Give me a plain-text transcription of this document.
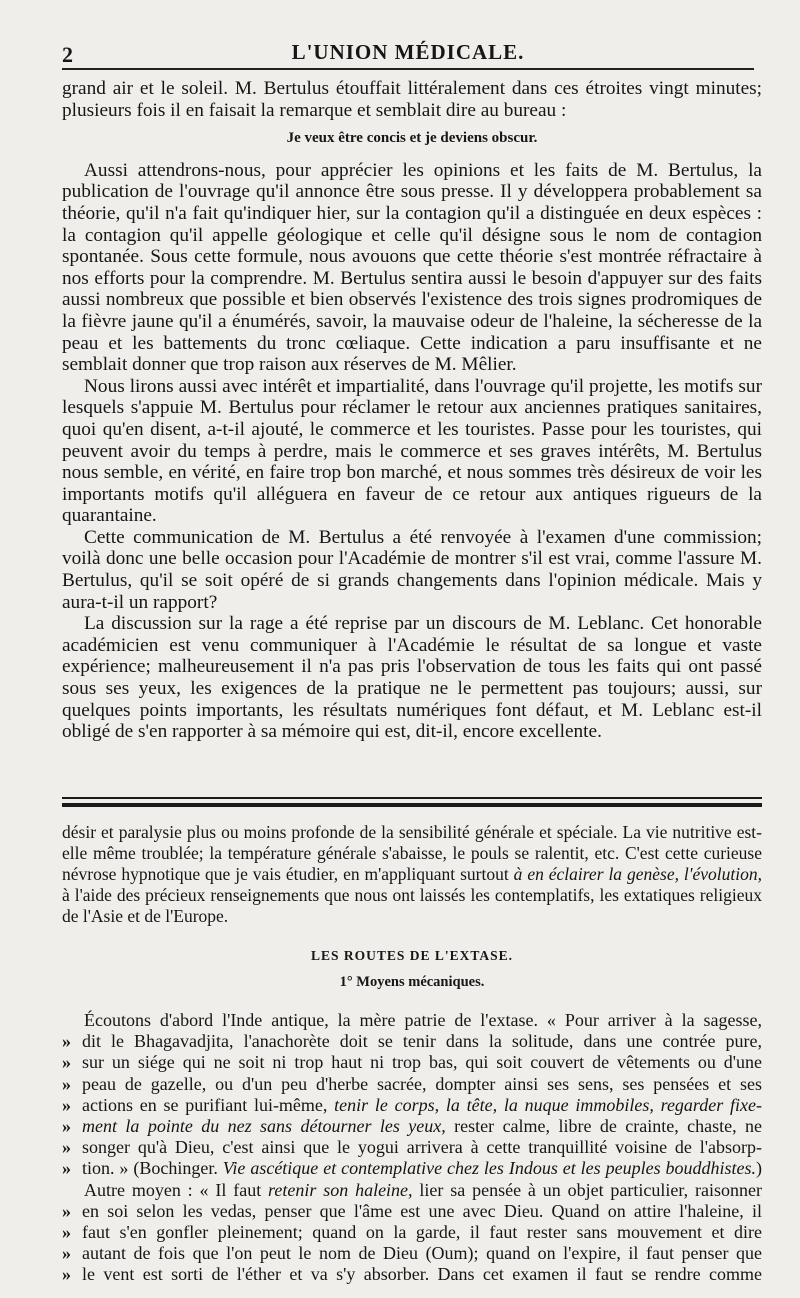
2	L'UNION MÉDICALE.

grand air et le soleil. M. Bertulus étouffait littéralement dans ces étroites vingt minutes; plusieurs fois il en faisait la remarque et semblait dire au bureau :

Je veux être concis et je deviens obscur.

Aussi attendrons-nous, pour apprécier les opinions et les faits de M. Bertulus, la publication de l'ouvrage qu'il annonce être sous presse. Il y développera probablement sa théorie, qu'il n'a fait qu'indiquer hier, sur la contagion qu'il a distinguée en deux espèces : la contagion qu'il appelle géologique et celle qu'il désigne sous le nom de contagion spontanée. Sous cette formule, nous avouons que cette théorie s'est montrée réfractaire à nos efforts pour la comprendre. M. Bertulus sentira aussi le besoin d'appuyer sur des faits aussi nombreux que possible et bien observés l'existence des trois signes prodromiques de la fièvre jaune qu'il a énumérés, savoir, la mauvaise odeur de l'haleine, la sécheresse de la peau et les battements du tronc cœliaque. Cette indication a paru insuffisante et ne semblait donner que trop raison aux réserves de M. Mêlier.

Nous lirons aussi avec intérêt et impartialité, dans l'ouvrage qu'il projette, les motifs sur lesquels s'appuie M. Bertulus pour réclamer le retour aux anciennes pratiques sanitaires, quoi qu'en disent, a-t-il ajouté, le commerce et les touristes. Passe pour les touristes, qui peuvent avoir du temps à perdre, mais le commerce et ses graves intérêts, M. Bertulus nous semble, en vérité, en faire trop bon marché, et nous sommes très désireux de voir les importants motifs qu'il alléguera en faveur de ce retour aux antiques rigueurs de la quarantaine.

Cette communication de M. Bertulus a été renvoyée à l'examen d'une commission; voilà donc une belle occasion pour l'Académie de montrer s'il est vrai, comme l'assure M. Bertulus, qu'il se soit opéré de si grands changements dans l'opinion médicale. Mais y aura-t-il un rapport?

La discussion sur la rage a été reprise par un discours de M. Leblanc. Cet honorable académicien est venu communiquer à l'Académie le résultat de sa longue et vaste expérience; malheureusement il n'a pas pris l'observation de tous les faits qui ont passé sous ses yeux, les exigences de la pratique ne le permettent pas toujours; aussi, sur quelques points importants, les résultats numériques font défaut, et M. Leblanc est-il obligé de s'en rapporter à sa mémoire qui est, dit-il, encore excellente.

désir et paralysie plus ou moins profonde de la sensibilité générale et spéciale. La vie nutritive est-elle même troublée; la température générale s'abaisse, le pouls se ralentit, etc. C'est cette curieuse névrose hypnotique que je vais étudier, en m'appliquant surtout à en éclairer la genèse, l'évolution, à l'aide des précieux renseignements que nous ont laissés les contemplatifs, les extatiques religieux de l'Asie et de l'Europe.

LES ROUTES DE L'EXTASE.
1° Moyens mécaniques.
Écoutons d'abord l'Inde antique, la mère patrie de l'extase. « Pour arriver à la sagesse,
» dit le Bhagavadjita, l'anachorète doit se tenir dans la solitude, dans une contrée pure,
» sur un siége qui ne soit ni trop haut ni trop bas, qui soit couvert de vêtements ou d'une
» peau de gazelle, ou d'un peu d'herbe sacrée, dompter ainsi ses sens, ses pensées et ses
» actions en se purifiant lui-même, tenir le corps, la tête, la nuque immobiles, regarder fixe-
» ment la pointe du nez sans détourner les yeux, rester calme, libre de crainte, chaste, ne
» songer qu'à Dieu, c'est ainsi que le yogui arrivera à cette tranquillité voisine de l'absorp-
» tion. » (Bochinger. Vie ascétique et contemplative chez les Indous et les peuples bouddhistes.)
Autre moyen : « Il faut retenir son haleine, lier sa pensée à un objet particulier, raisonner
» en soi selon les vedas, penser que l'âme est une avec Dieu. Quand on attire l'haleine, il
» faut s'en gonfler pleinement; quand on la garde, il faut rester sans mouvement et dire
» autant de fois que l'on peut le nom de Dieu (Oum); quand on l'expire, il faut penser que
» le vent est sorti de l'éther et va s'y absorber. Dans cet examen il faut se rendre comme
